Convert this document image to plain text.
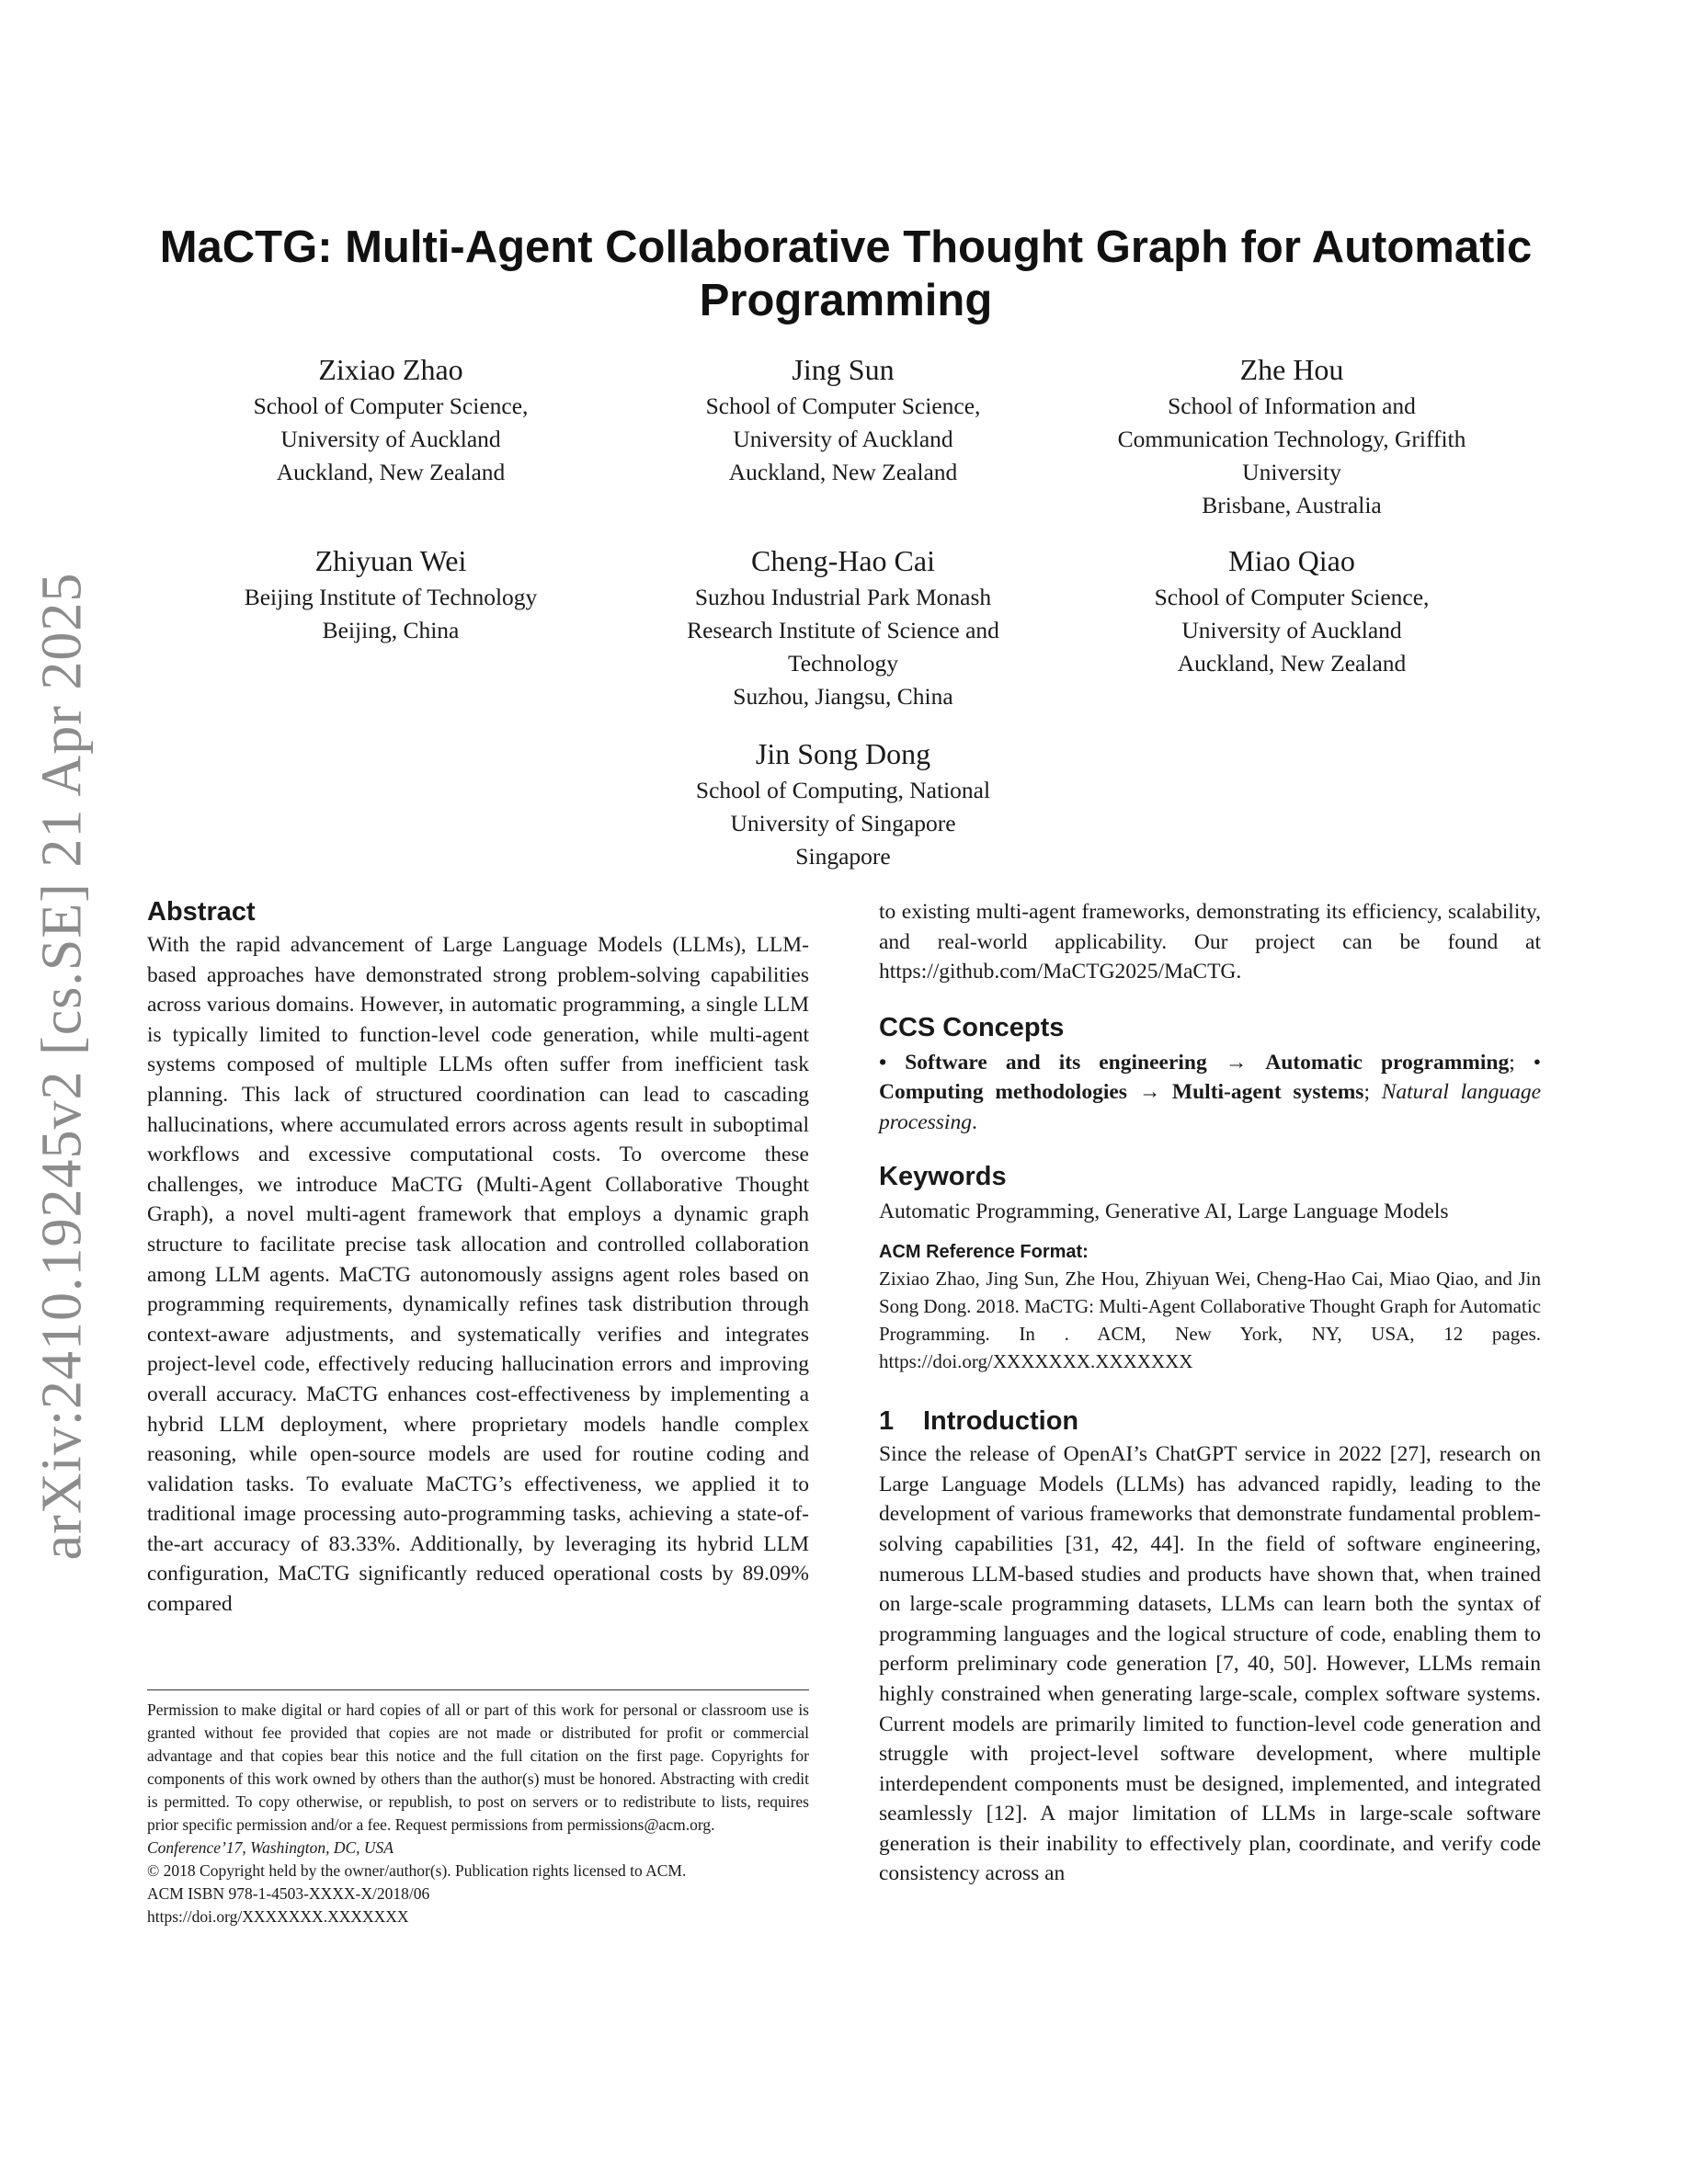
arXiv:2410.19245v2 [cs.SE] 21 Apr 2025
MaCTG: Multi-Agent Collaborative Thought Graph for Automatic Programming
Zixiao Zhao
School of Computer Science,
University of Auckland
Auckland, New Zealand
Jing Sun
School of Computer Science,
University of Auckland
Auckland, New Zealand
Zhe Hou
School of Information and
Communication Technology, Griffith
University
Brisbane, Australia
Zhiyuan Wei
Beijing Institute of Technology
Beijing, China
Cheng-Hao Cai
Suzhou Industrial Park Monash
Research Institute of Science and
Technology
Suzhou, Jiangsu, China
Miao Qiao
School of Computer Science,
University of Auckland
Auckland, New Zealand
Jin Song Dong
School of Computing, National
University of Singapore
Singapore
Abstract

With the rapid advancement of Large Language Models (LLMs), LLM-based approaches have demonstrated strong problem-solving capabilities across various domains. However, in automatic programming, a single LLM is typically limited to function-level code generation, while multi-agent systems composed of multiple LLMs often suffer from inefficient task planning. This lack of structured coordination can lead to cascading hallucinations, where accumulated errors across agents result in suboptimal workflows and excessive computational costs. To overcome these challenges, we introduce MaCTG (Multi-Agent Collaborative Thought Graph), a novel multi-agent framework that employs a dynamic graph structure to facilitate precise task allocation and controlled collaboration among LLM agents. MaCTG autonomously assigns agent roles based on programming requirements, dynamically refines task distribution through context-aware adjustments, and systematically verifies and integrates project-level code, effectively reducing hallucination errors and improving overall accuracy. MaCTG enhances cost-effectiveness by implementing a hybrid LLM deployment, where proprietary models handle complex reasoning, while open-source models are used for routine coding and validation tasks. To evaluate MaCTG’s effectiveness, we applied it to traditional image processing auto-programming tasks, achieving a state-of-the-art accuracy of 83.33%. Additionally, by leveraging its hybrid LLM configuration, MaCTG significantly reduced operational costs by 89.09% compared

Permission to make digital or hard copies of all or part of this work for personal or classroom use is granted without fee provided that copies are not made or distributed for profit or commercial advantage and that copies bear this notice and the full citation on the first page. Copyrights for components of this work owned by others than the author(s) must be honored. Abstracting with credit is permitted. To copy otherwise, or republish, to post on servers or to redistribute to lists, requires prior specific permission and/or a fee. Request permissions from permissions@acm.org.

Conference’17, Washington, DC, USA

© 2018 Copyright held by the owner/author(s). Publication rights licensed to ACM.

ACM ISBN 978-1-4503-XXXX-X/2018/06

https://doi.org/XXXXXXX.XXXXXXX

to existing multi-agent frameworks, demonstrating its efficiency, scalability, and real-world applicability. Our project can be found at https://github.com/MaCTG2025/MaCTG.

CCS Concepts

• Software and its engineering → Automatic programming; • Computing methodologies → Multi-agent systems; Natural language processing.

Keywords

Automatic Programming, Generative AI, Large Language Models

ACM Reference Format:

Zixiao Zhao, Jing Sun, Zhe Hou, Zhiyuan Wei, Cheng-Hao Cai, Miao Qiao, and Jin Song Dong. 2018. MaCTG: Multi-Agent Collaborative Thought Graph for Automatic Programming. In . ACM, New York, NY, USA, 12 pages. https://doi.org/XXXXXXX.XXXXXXX

1 Introduction

Since the release of OpenAI’s ChatGPT service in 2022 [27], research on Large Language Models (LLMs) has advanced rapidly, leading to the development of various frameworks that demonstrate fundamental problem-solving capabilities [31, 42, 44]. In the field of software engineering, numerous LLM-based studies and products have shown that, when trained on large-scale programming datasets, LLMs can learn both the syntax of programming languages and the logical structure of code, enabling them to perform preliminary code generation [7, 40, 50]. However, LLMs remain highly constrained when generating large-scale, complex software systems. Current models are primarily limited to function-level code generation and struggle with project-level software development, where multiple interdependent components must be designed, implemented, and integrated seamlessly [12]. A major limitation of LLMs in large-scale software generation is their inability to effectively plan, coordinate, and verify code consistency across an
